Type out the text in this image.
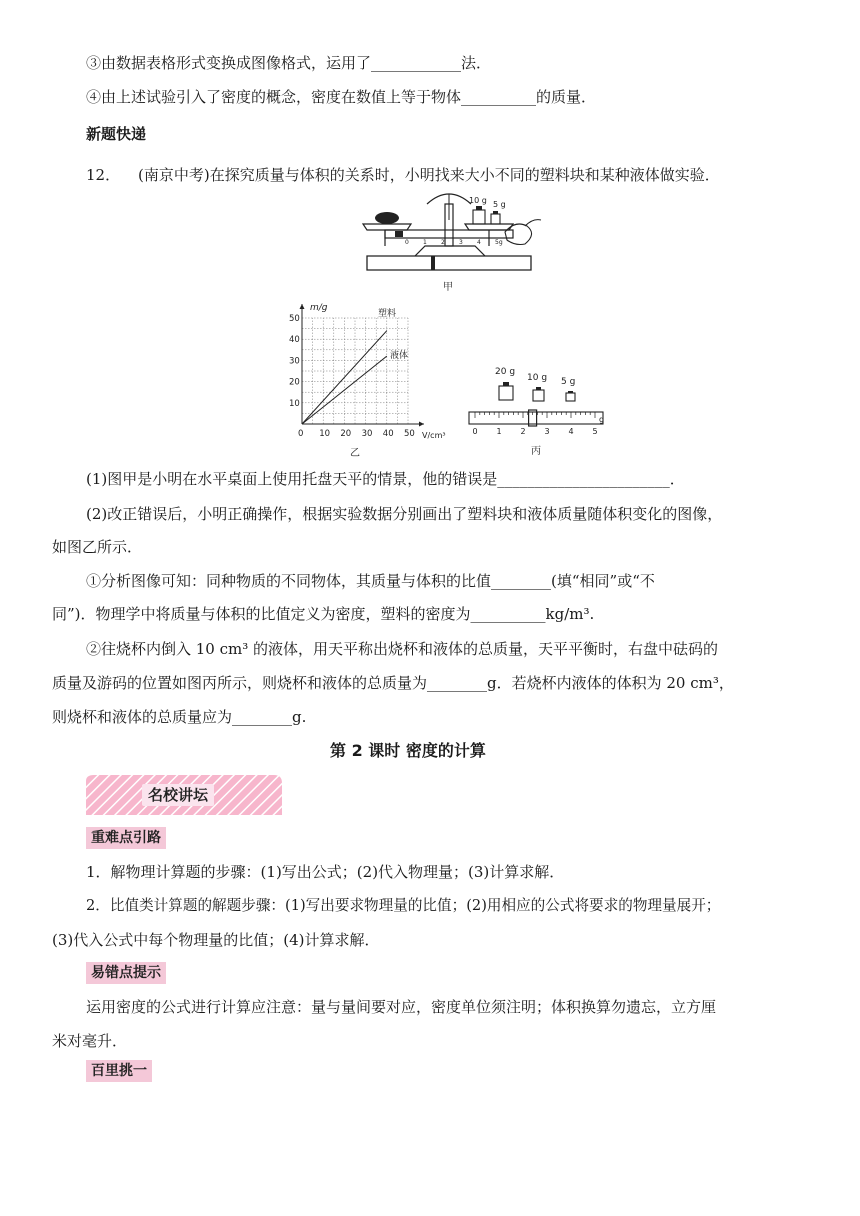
③由数据表格形式变换成图像格式，运用了____________法．
④由上述试验引入了密度的概念，密度在数值上等于物体__________的质量．
新题快递
12． (南京中考)在探究质量与体积的关系时，小明找来大小不同的塑料块和某种液体做实验．
10 g 5 g
0 1 2 3 4 5g
甲
0 10 20 30 40 50
10
20
30
40
50
m/g
V/cm³
塑料
液体
乙
20 g
10 g 5 g
0 1 2 3 4 5
g
丙
(1)图甲是小明在水平桌面上使用托盘天平的情景，他的错误是_______________________．
(2)改正错误后，小明正确操作，根据实验数据分别画出了塑料块和液体质量随体积变化的图像，
如图乙所示．
①分析图像可知：同种物质的不同物体，其质量与体积的比值________(填“相同”或“不
同”)．物理学中将质量与体积的比值定义为密度，塑料的密度为__________kg/m³.
②往烧杯内倒入 10 cm³ 的液体，用天平称出烧杯和液体的总质量，天平平衡时，右盘中砝码的
质量及游码的位置如图丙所示，则烧杯和液体的总质量为________g．若烧杯内液体的体积为 20 cm³，
则烧杯和液体的总质量应为________g.
第 2 课时 密度的计算
名校讲坛
重难点引路
1．解物理计算题的步骤：(1)写出公式；(2)代入物理量；(3)计算求解．
2．比值类计算题的解题步骤：(1)写出要求物理量的比值；(2)用相应的公式将要求的物理量展开；
(3)代入公式中每个物理量的比值；(4)计算求解．
易错点提示
运用密度的公式进行计算应注意：量与量间要对应，密度单位须注明；体积换算勿遗忘，立方厘
米对毫升．
百里挑一
